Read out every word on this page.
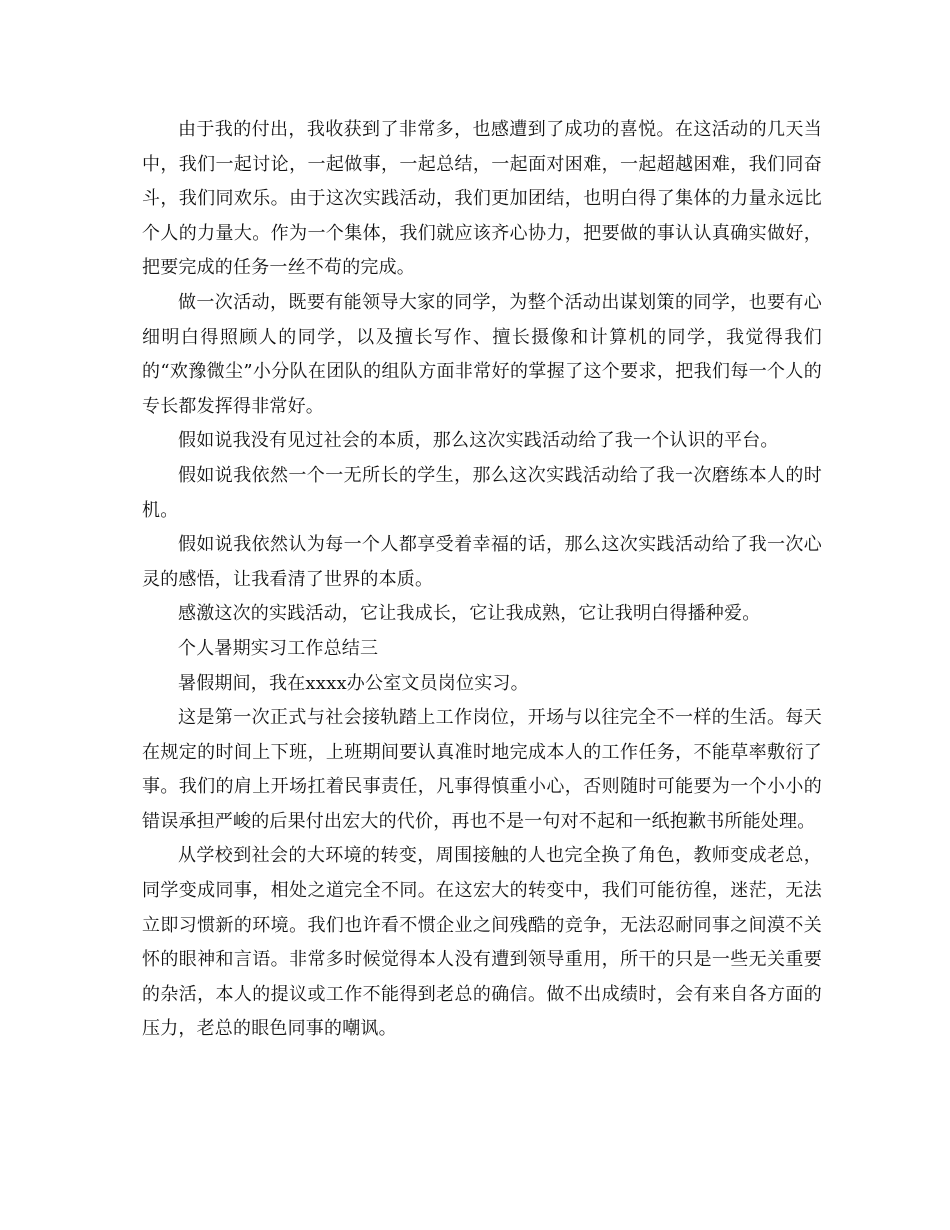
由于我的付出，我收获到了非常多，也感遭到了成功的喜悦。在这活动的几天当中，我们一起讨论，一起做事，一起总结，一起面对困难，一起超越困难，我们同奋斗，我们同欢乐。由于这次实践活动，我们更加团结，也明白得了集体的力量永远比个人的力量大。作为一个集体，我们就应该齐心协力，把要做的事认认真确实做好，把要完成的任务一丝不苟的完成。

做一次活动，既要有能领导大家的同学，为整个活动出谋划策的同学，也要有心细明白得照顾人的同学，以及擅长写作、擅长摄像和计算机的同学，我觉得我们的“欢豫微尘”小分队在团队的组队方面非常好的掌握了这个要求，把我们每一个人的专长都发挥得非常好。

假如说我没有见过社会的本质，那么这次实践活动给了我一个认识的平台。

假如说我依然一个一无所长的学生，那么这次实践活动给了我一次磨练本人的时机。

假如说我依然认为每一个人都享受着幸福的话，那么这次实践活动给了我一次心灵的感悟，让我看清了世界的本质。

感激这次的实践活动，它让我成长，它让我成熟，它让我明白得播种爱。

个人暑期实习工作总结三

暑假期间，我在xxxx办公室文员岗位实习。

这是第一次正式与社会接轨踏上工作岗位，开场与以往完全不一样的生活。每天在规定的时间上下班，上班期间要认真准时地完成本人的工作任务，不能草率敷衍了事。我们的肩上开场扛着民事责任，凡事得慎重小心，否则随时可能要为一个小小的错误承担严峻的后果付出宏大的代价，再也不是一句对不起和一纸抱歉书所能处理。

从学校到社会的大环境的转变，周围接触的人也完全换了角色，教师变成老总，同学变成同事，相处之道完全不同。在这宏大的转变中，我们可能彷徨，迷茫，无法立即习惯新的环境。我们也许看不惯企业之间残酷的竞争，无法忍耐同事之间漠不关怀的眼神和言语。非常多时候觉得本人没有遭到领导重用，所干的只是一些无关重要的杂活，本人的提议或工作不能得到老总的确信。做不出成绩时，会有来自各方面的压力，老总的眼色同事的嘲讽。
